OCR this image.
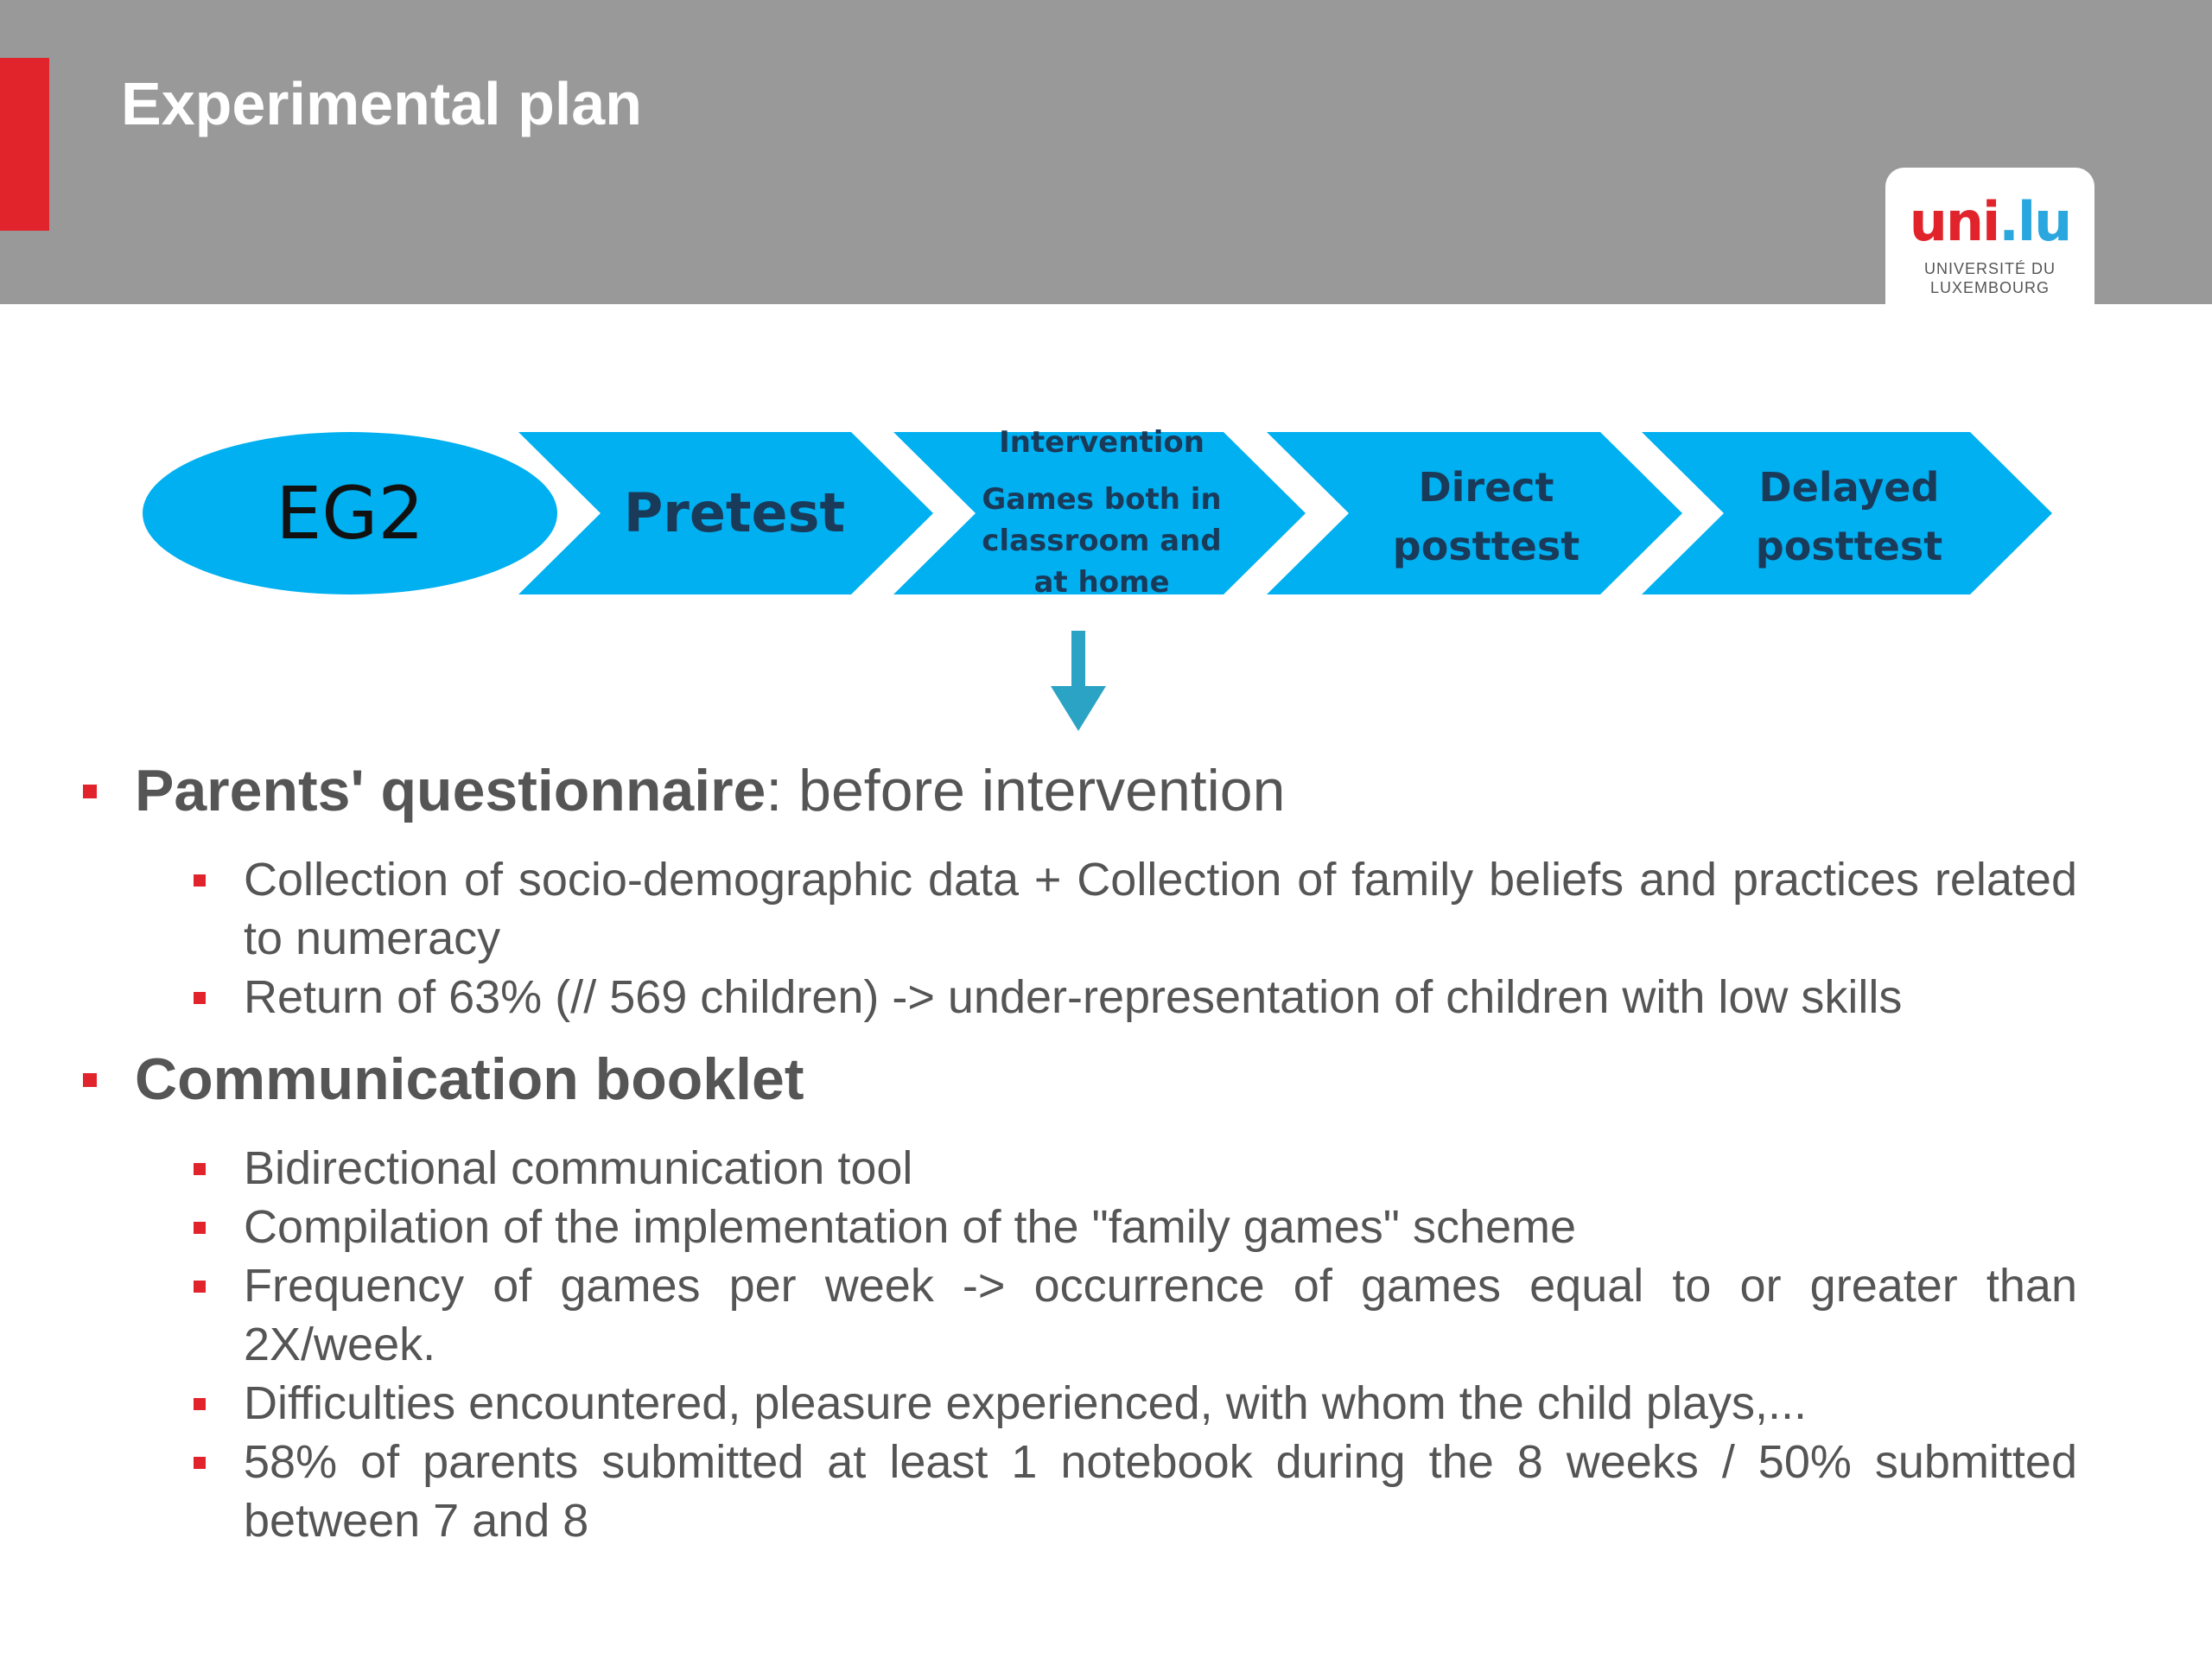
Experimental plan
uni.lu
UNIVERSITÉ DU
LUXEMBOURG
EG2	Pretest
Intervention
Games both in classroom and at home
Direct posttest
Delayed posttest
Parents' questionnaire: before intervention
Collection of socio-demographic data + Collection of family beliefs and practices related to numeracy
Return of 63% (// 569 children) -> under-representation of children with low skills
Communication booklet
Bidirectional communication tool
Compilation of the implementation of the "family games" scheme
Frequency of games per week -> occurrence of games equal to or greater than 2X/week.
Difficulties encountered, pleasure experienced, with whom the child plays,...
58% of parents submitted at least 1 notebook during the 8 weeks / 50% submitted between 7 and 8
